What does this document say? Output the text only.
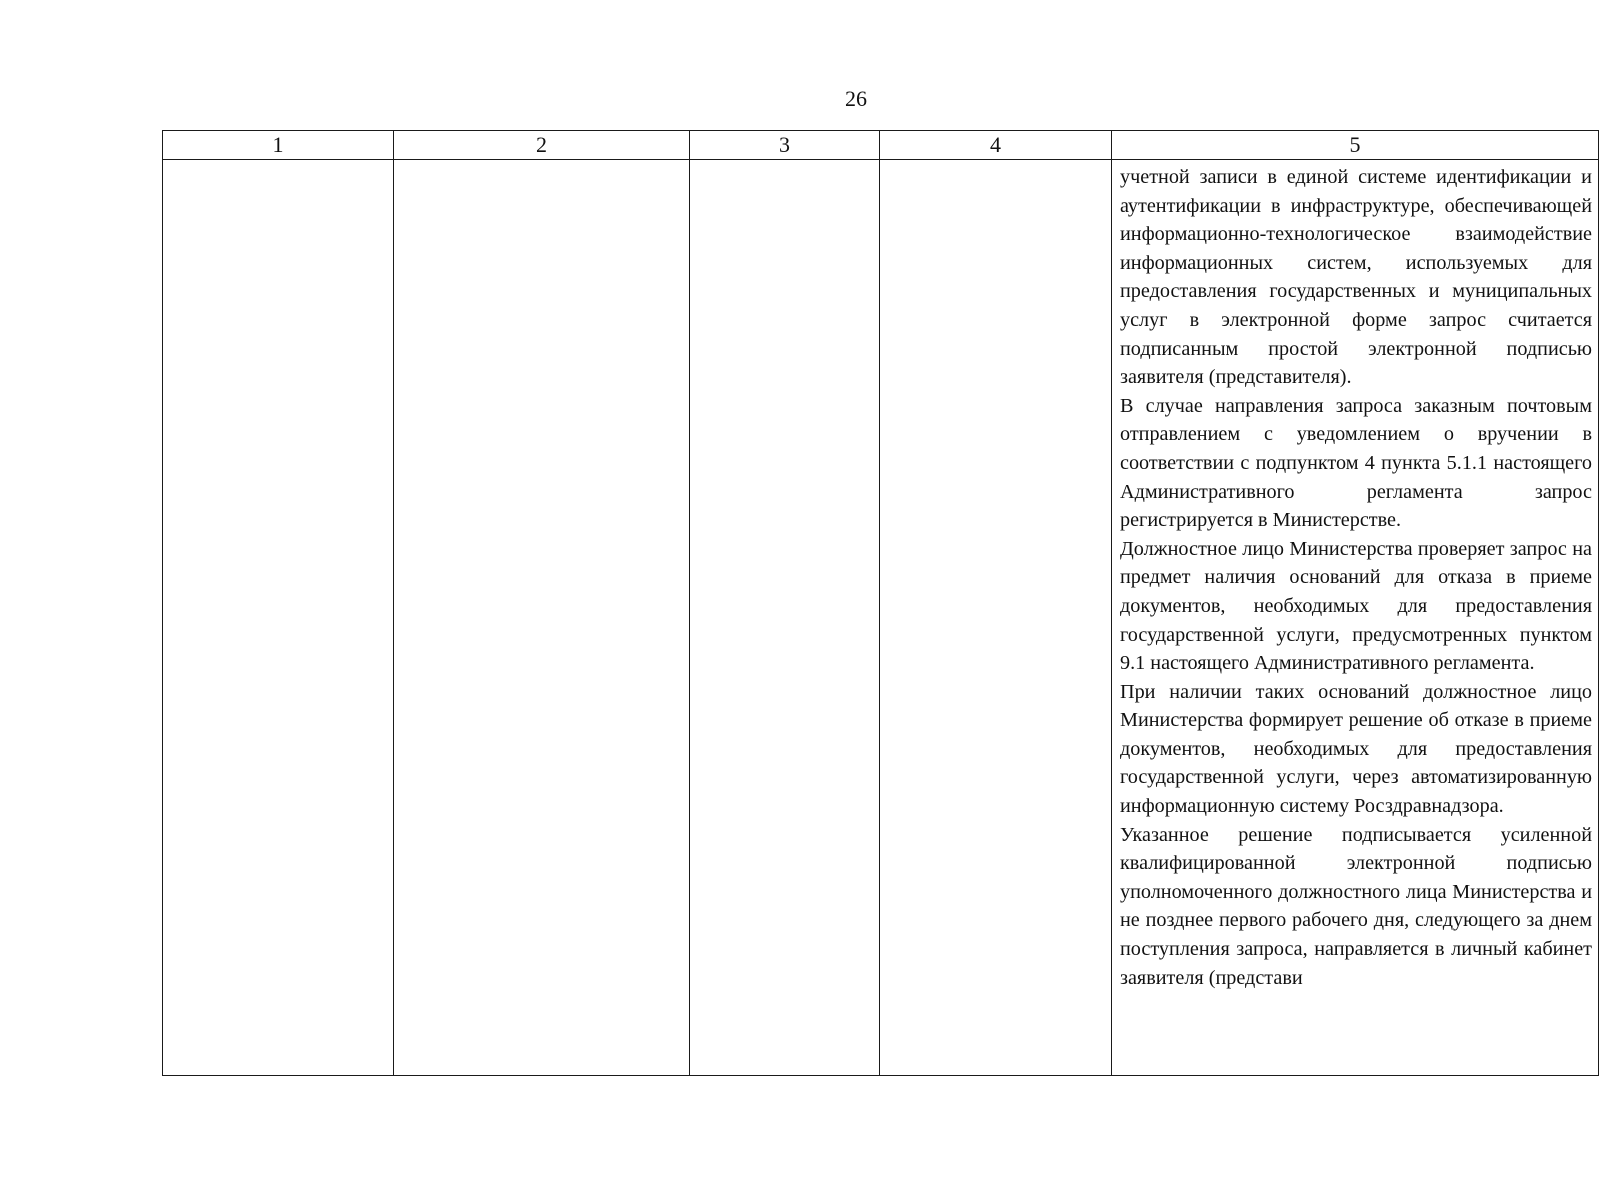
26
1	2	3	4	5

				учетной записи в единой системе идентификации и аутентификации в инфраструктуре, обеспечивающей информационно-технологическое взаимодействие информационных систем, используемых для предоставления государственных и муниципальных услуг в электронной форме запрос считается подписанным простой электронной подписью заявителя (представителя).

В случае направления запроса заказным почтовым отправлением с уведомлением о вручении в соответствии с подпунктом 4 пункта 5.1.1 настоящего Административного регламента запрос регистрируется в Министерстве.

Должностное лицо Министерства проверяет запрос на предмет наличия оснований для отказа в приеме документов, необходимых для предоставления государственной услуги, предусмотренных пунктом 9.1 настоящего Административного регламента.

При наличии таких оснований должностное лицо Министерства формирует решение об отказе в приеме документов, необходимых для предоставления государственной услуги, через автоматизированную информационную систему Росздравнадзора.

Указанное решение подписывается усиленной квалифицированной электронной подписью уполномоченного должностного лица Министерства и не позднее первого рабочего дня, следующего за днем поступления запроса, направляется в личный кабинет заявителя (представи
